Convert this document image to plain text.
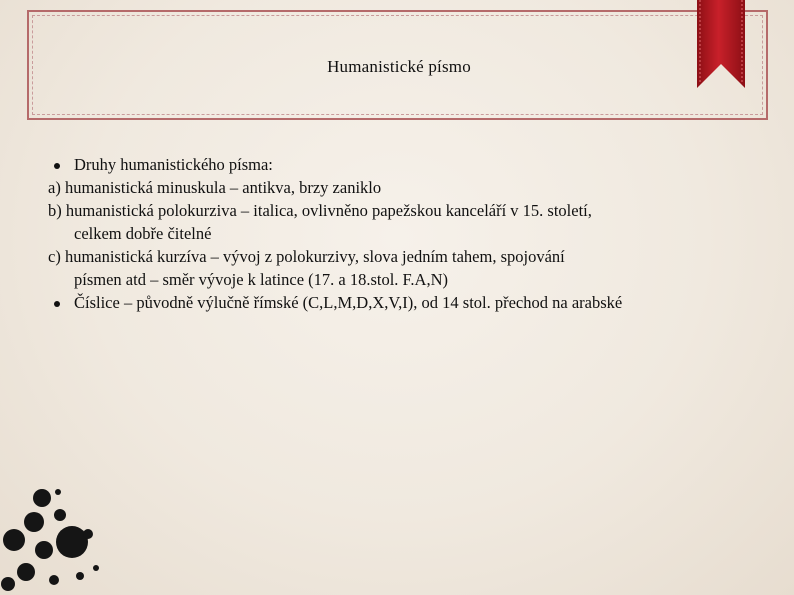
Humanistické písmo
Druhy humanistického písma:
a) humanistická minuskula – antikva, brzy zaniklo
b) humanistická polokurziva – italica, ovlivněno papežskou kanceláří v 15. století,
celkem dobře čitelné
c) humanistická kurzíva – vývoj z polokurzivy, slova jedním tahem, spojování
písmen atd – směr vývoje k latince (17. a 18.stol. F.A,N)
Číslice – původně výlučně římské (C,L,M,D,X,V,I), od 14 stol. přechod na arabské
